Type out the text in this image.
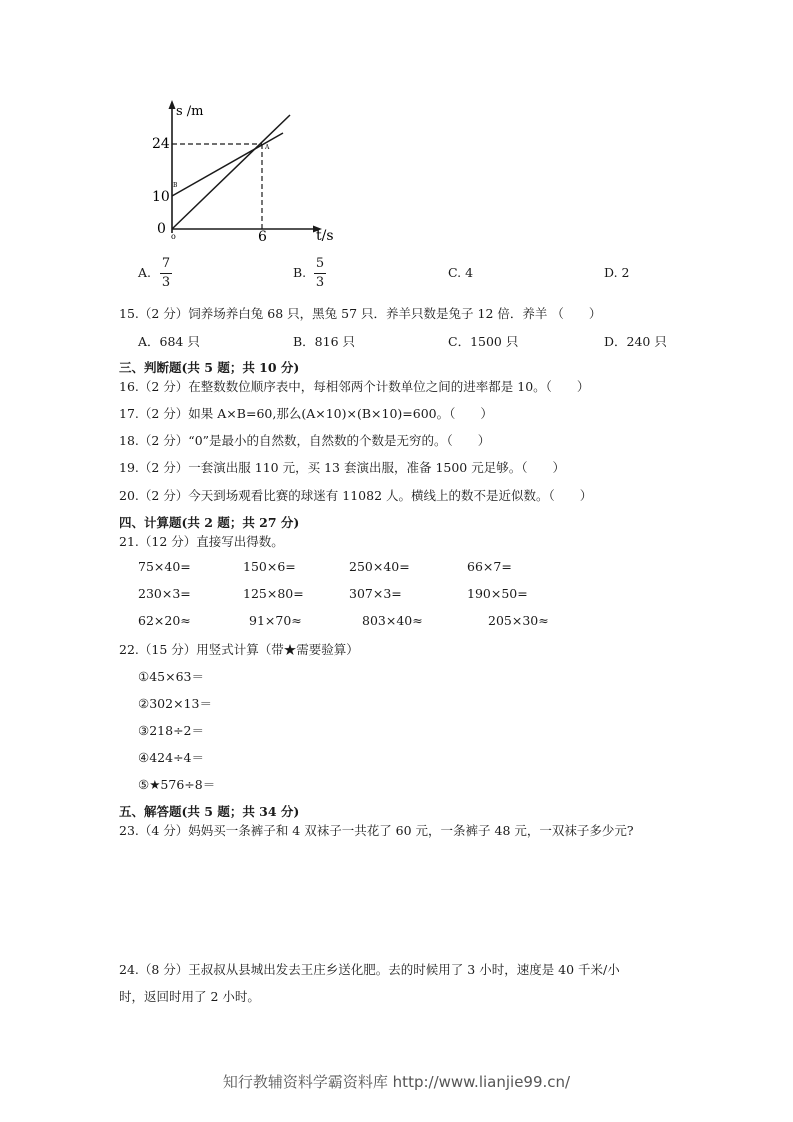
s /m
t/s
24
10
0	6
o
A
B
A.
7
3
B.
5
3
C. 4	D. 2
15.（2 分）饲养场养白兔 68 只，黑兔 57 只．养羊只数是兔子 12 倍．养羊 （　　）
A．684 只	B．816 只	C．1500 只	D．240 只
三、判断题(共 5 题；共 10 分)
16.（2 分）在整数数位顺序表中，每相邻两个计数单位之间的进率都是 10。（　　）
17.（2 分）如果 A×B=60,那么(A×10)×(B×10)=600。（　　）
18.（2 分）“0”是最小的自然数，自然数的个数是无穷的。（　　）
19.（2 分）一套演出服 110 元，买 13 套演出服，准备 1500 元足够。（　　）
20.（2 分）今天到场观看比赛的球迷有 11082 人。横线上的数不是近似数。（　　）
四、计算题(共 2 题；共 27 分)
21.（12 分）直接写出得数。
75×40=	150×6=	250×40=	66×7=
230×3=	125×80=	307×3=	190×50=
62×20≈	91×70≈	803×40≈	205×30≈
22.（15 分）用竖式计算（带★需要验算）
①45×63＝
②302×13＝
③218÷2＝
④424÷4＝
⑤★576÷8＝
五、解答题(共 5 题；共 34 分)
23.（4 分）妈妈买一条裤子和 4 双袜子一共花了 60 元，一条裤子 48 元，一双袜子多少元?
24.（8 分）王叔叔从县城出发去王庄乡送化肥。去的时候用了 3 小时，速度是 40 千米/小
时，返回时用了 2 小时。
知行教辅资料学霸资料库 http://www.lianjie99.cn/
